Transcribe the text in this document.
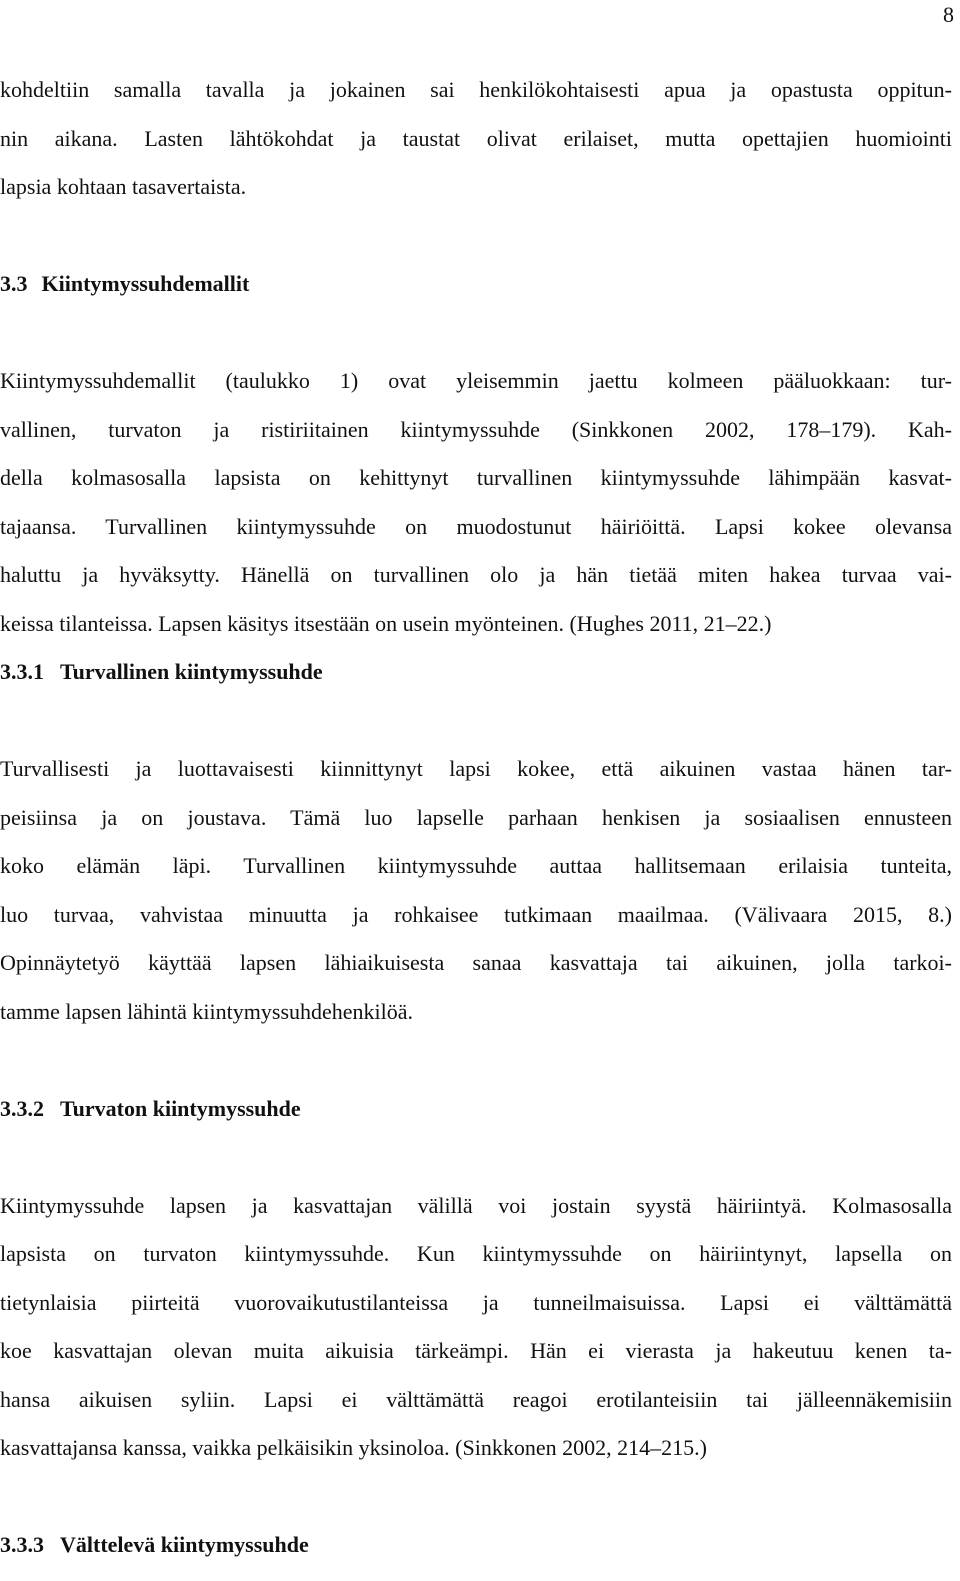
8
kohdeltiin samalla tavalla ja jokainen sai henkilökohtaisesti apua ja opastusta oppitun-
nin aikana. Lasten lähtökohdat ja taustat olivat erilaiset, mutta opettajien huomiointi
lapsia kohtaan tasavertaista.
3.3 Kiintymyssuhdemallit
Kiintymyssuhdemallit (taulukko 1) ovat yleisemmin jaettu kolmeen pääluokkaan: tur-
vallinen, turvaton ja ristiriitainen kiintymyssuhde (Sinkkonen 2002, 178–179). Kah-
della kolmasosalla lapsista on kehittynyt turvallinen kiintymyssuhde lähimpään kasvat-
tajaansa. Turvallinen kiintymyssuhde on muodostunut häiriöittä. Lapsi kokee olevansa
haluttu ja hyväksytty. Hänellä on turvallinen olo ja hän tietää miten hakea turvaa vai-
keissa tilanteissa. Lapsen käsitys itsestään on usein myönteinen. (Hughes 2011, 21–22.)
3.3.1 Turvallinen kiintymyssuhde
Turvallisesti ja luottavaisesti kiinnittynyt lapsi kokee, että aikuinen vastaa hänen tar-
peisiinsa ja on joustava. Tämä luo lapselle parhaan henkisen ja sosiaalisen ennusteen
koko elämän läpi. Turvallinen kiintymyssuhde auttaa hallitsemaan erilaisia tunteita,
luo turvaa, vahvistaa minuutta ja rohkaisee tutkimaan maailmaa. (Välivaara 2015, 8.)
Opinnäytetyö käyttää lapsen lähiaikuisesta sanaa kasvattaja tai aikuinen, jolla tarkoi-
tamme lapsen lähintä kiintymyssuhdehenkilöä.
3.3.2 Turvaton kiintymyssuhde
Kiintymyssuhde lapsen ja kasvattajan välillä voi jostain syystä häiriintyä. Kolmasosalla
lapsista on turvaton kiintymyssuhde. Kun kiintymyssuhde on häiriintynyt, lapsella on
tietynlaisia piirteitä vuorovaikutustilanteissa ja tunneilmaisuissa. Lapsi ei välttämättä
koe kasvattajan olevan muita aikuisia tärkeämpi. Hän ei vierasta ja hakeutuu kenen ta-
hansa aikuisen syliin. Lapsi ei välttämättä reagoi erotilanteisiin tai jälleennäkemisiin
kasvattajansa kanssa, vaikka pelkäisikin yksinoloa. (Sinkkonen 2002, 214–215.)
3.3.3 Välttelevä kiintymyssuhde
